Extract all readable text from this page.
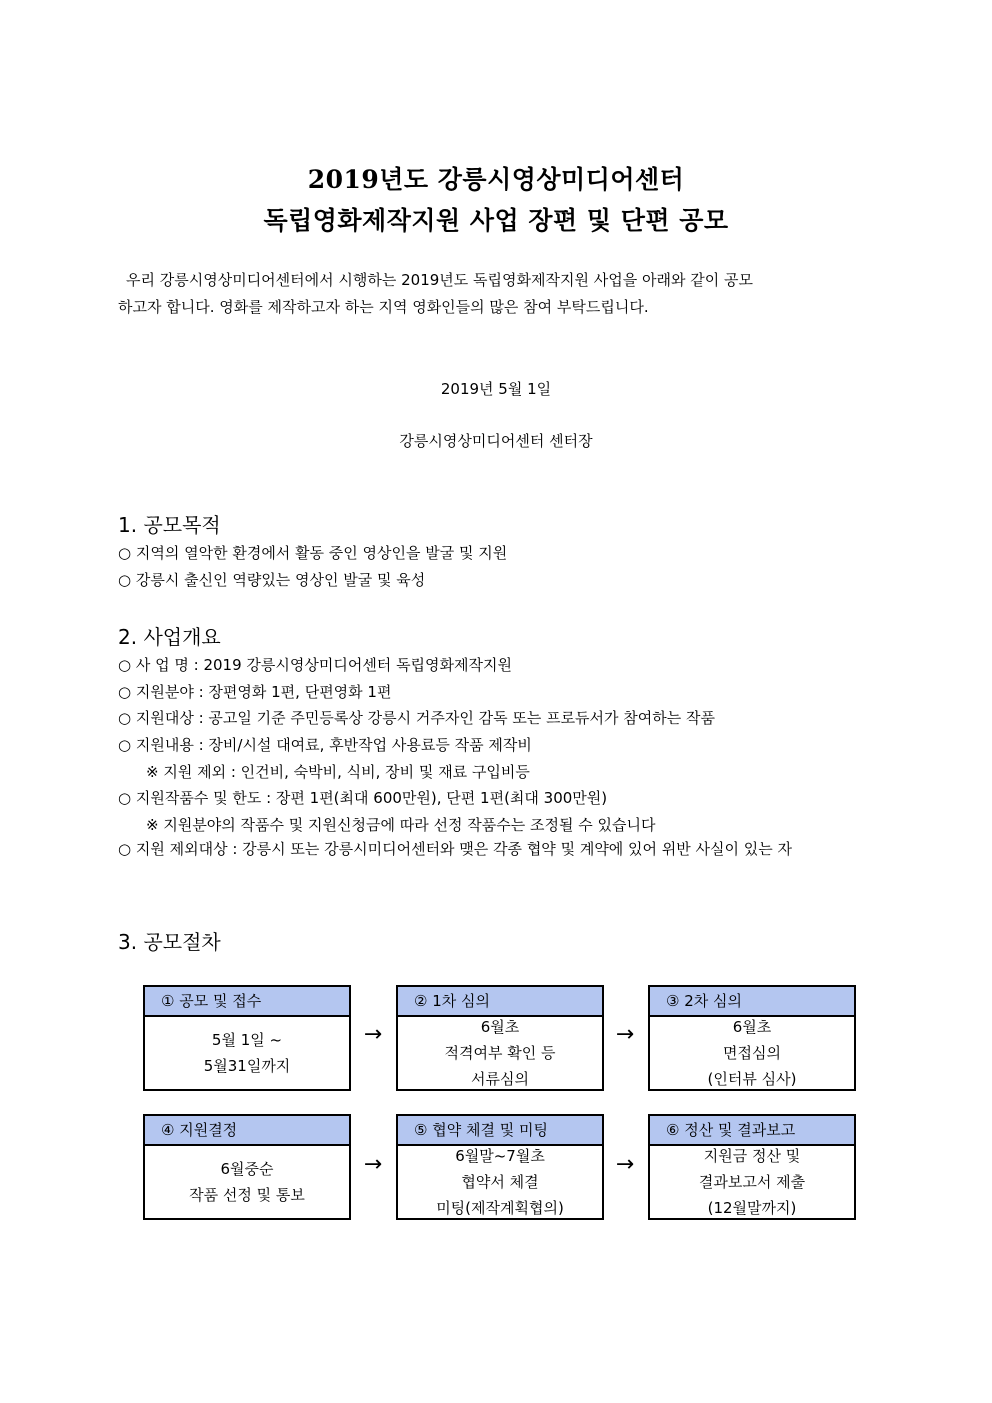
2019년도 강릉시영상미디어센터
독립영화제작지원 사업 장편 및 단편 공모
우리 강릉시영상미디어센터에서 시행하는 2019년도 독립영화제작지원 사업을 아래와 같이 공모
하고자 합니다. 영화를 제작하고자 하는 지역 영화인들의 많은 참여 부탁드립니다.
2019년 5월 1일
강릉시영상미디어센터 센터장
1. 공모목적
○ 지역의 열악한 환경에서 활동 중인 영상인을 발굴 및 지원
○ 강릉시 출신인 역량있는 영상인 발굴 및 육성
2. 사업개요
○ 사 업 명 : 2019 강릉시영상미디어센터 독립영화제작지원
○ 지원분야 : 장편영화 1편, 단편영화 1편
○ 지원대상 : 공고일 기준 주민등록상 강릉시 거주자인 감독 또는 프로듀서가 참여하는 작품
○ 지원내용 : 장비/시설 대여료, 후반작업 사용료등 작품 제작비
※ 지원 제외 : 인건비, 숙박비, 식비, 장비 및 재료 구입비등
○ 지원작품수 및 한도 : 장편 1편(최대 600만원), 단편 1편(최대 300만원)
※ 지원분야의 작품수 및 지원신청금에 따라 선정 작품수는 조정될 수 있습니다
○ 지원 제외대상 : 강릉시 또는 강릉시미디어센터와 맺은 각종 협약 및 계약에 있어 위반 사실이 있는 자
3. 공모절차
① 공모 및 접수
5월 1일 ~
5월31일까지
→
② 1차 심의
6월초
적격여부 확인 등
서류심의
→
③ 2차 심의
6월초
면접심의
(인터뷰 심사)
④ 지원결정
6월중순
작품 선정 및 통보
→
⑤ 협약 체결 및 미팅
6월말~7월초
협약서 체결
미팅(제작계획협의)
→
⑥ 정산 및 결과보고
지원금 정산 및
결과보고서 제출
(12월말까지)
